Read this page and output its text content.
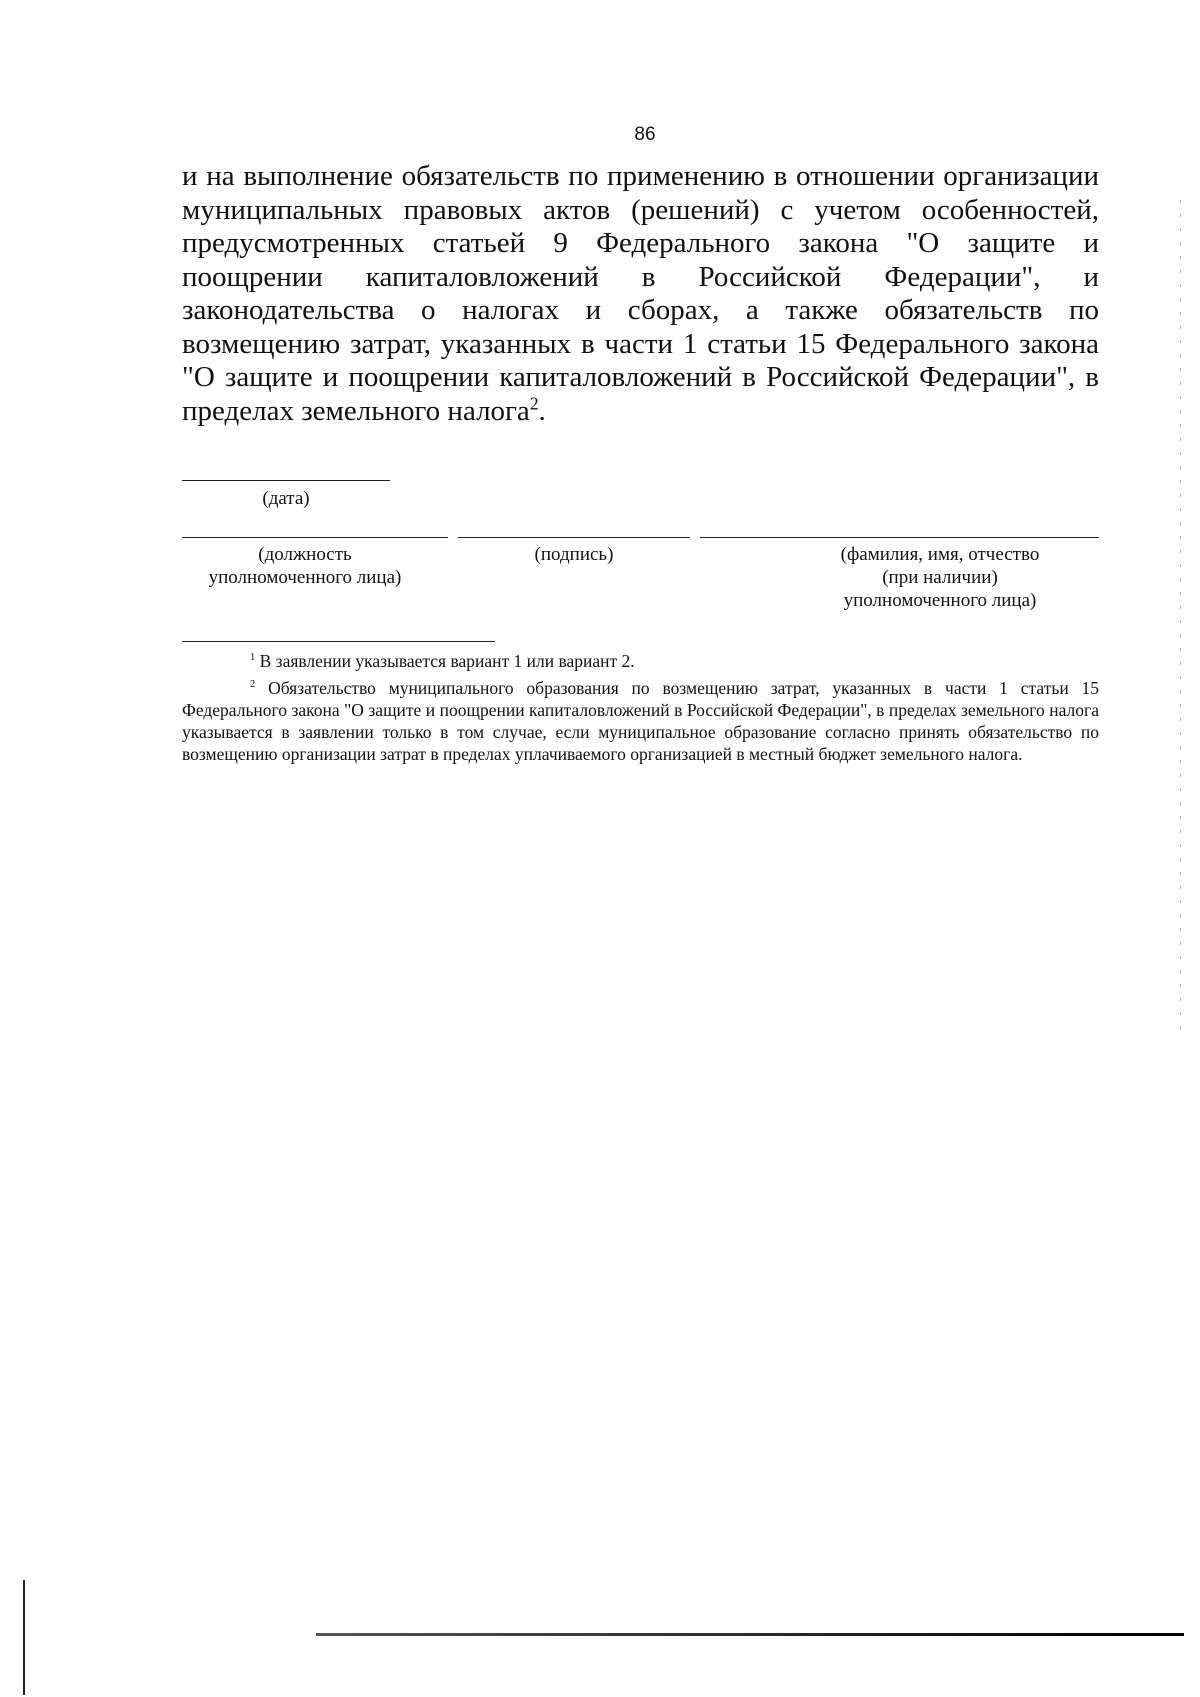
86

и на выполнение обязательств по применению в отношении организации муниципальных правовых актов (решений) с учетом особенностей, предусмотренных статьей 9 Федерального закона "О защите и поощрении капиталовложений в Российской Федерации", и законодательства о налогах и сборах, а также обязательств по возмещению затрат, указанных в части 1 статьи 15 Федерального закона "О защите и поощрении капиталовложений в Российской Федерации", в пределах земельного налога$^2$.

(дата)

(должность
уполномоченного лица)
(подпись)	(фамилия, имя, отчество
(при наличии)
уполномоченного лица)

$^1$ В заявлении указывается вариант 1 или вариант 2.

$^2$ Обязательство муниципального образования по возмещению затрат, указанных в части 1 статьи 15 Федерального закона "О защите и поощрении капиталовложений в Российской Федерации", в пределах земельного налога указывается в заявлении только в том случае, если муниципальное образование согласно принять обязательство по возмещению организации затрат в пределах уплачиваемого организацией в местный бюджет земельного налога.
